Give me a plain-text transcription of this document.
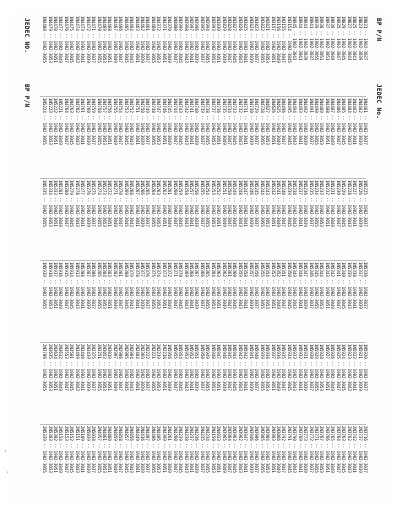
BP P/N
JEDEC No.
JEDEC NO.
BP P/N
1N821 -- 1902-3037
1N823 -- 1902-3039
1N825 -- 1902-3041
1N827 -- 1902-3043
1N829 -- 1902-3045
1N935 -- 1902-3047
1N936 -- 1902-3049
1N937 -- 1902-3051
1N938 -- 1902-3053
1N939 -- 1902-3055
1N941 -- 1902-3037
1N943 -- 1902-3039
1N944 -- 1902-3041
1N945 -- 1902-3043
1N3154 -- 1902-3045
1N3155 -- 1902-3047
1N3156 -- 1902-3049
1N3157 -- 1902-3051
1N3821 -- 1902-3053
1N3822 -- 1902-3055
1N3823 -- 1902-3037
1N3824 -- 1902-3039
1N3825 -- 1902-3041
1N3826 -- 1902-3043
1N3827 -- 1902-3045
1N3828 -- 1902-3047
1N3829 -- 1902-3049
1N3830 -- 1902-3051
1N3993 -- 1902-3053
1N3994 -- 1902-3055
1N3995 -- 1902-3037
1N3996 -- 1902-3039
1N3997 -- 1902-3041
1N3998 -- 1902-3043
1N3999 -- 1902-3045
1N4000 -- 1902-3047
1N4370 -- 1902-3049
1N4371 -- 1902-3051
1N4372 -- 1902-3053
1N4460 -- 1902-3055
1N4461 -- 1902-3037
1N4462 -- 1902-3039
1N4463 -- 1902-3041
1N4464 -- 1902-3043
1N4465 -- 1902-3045
1N4466 -- 1902-3047
1N4467 -- 1902-3049
1N4468 -- 1902-3051
1N4469 -- 1902-3053
1N4470 -- 1902-3055
1N4471 -- 1902-3037
1N4472 -- 1902-3039
1N4473 -- 1902-3041
1N4474 -- 1902-3043
1N4475 -- 1902-3045
1N4476 -- 1902-3047
1N4477 -- 1902-3049
1N4478 -- 1902-3051
1N4479 -- 1902-3053
1N4480 -- 1902-3055
1N4481 -- 1902-3037
1N4482 -- 1902-3039
1N4483 -- 1902-3041
1N4484 -- 1902-3043
1N4485 -- 1902-3045
1N4486 -- 1902-3047
1N4487 -- 1902-3049
1N4488 -- 1902-3051
1N4489 -- 1902-3053
1N4490 -- 1902-3055
1N4491 -- 1902-3037
1N4492 -- 1902-3039
1N4493 -- 1902-3041
1N4494 -- 1902-3043
1N4495 -- 1902-3045
1N4496 -- 1902-3047
1N4625 -- 1902-3049
1N4626 -- 1902-3051
1N4627 -- 1902-3053
1N4728 -- 1902-3055
1N4729 -- 1902-3037
1N4730 -- 1902-3039
1N4731 -- 1902-3041
1N4732 -- 1902-3043
1N4733 -- 1902-3045
1N4734 -- 1902-3047
1N4735 -- 1902-3049
1N4736 -- 1902-3051
1N4737 -- 1902-3053
1N4738 -- 1902-3055
1N4739 -- 1902-3037
1N4740 -- 1902-3039
1N4741 -- 1902-3041
1N4742 -- 1902-3043
1N4743 -- 1902-3045
1N4744 -- 1902-3047
1N4745 -- 1902-3049
1N4746 -- 1902-3051
1N4747 -- 1902-3053
1N4748 -- 1902-3055
1N4749 -- 1902-3037
1N4750 -- 1902-3039
1N4751 -- 1902-3041
1N4752 -- 1902-3043
1N4753 -- 1902-3045
1N4754 -- 1902-3047
1N4755 -- 1902-3049
1N4756 -- 1902-3051
1N4757 -- 1902-3053
1N4758 -- 1902-3055
1N4759 -- 1902-3037
1N4760 -- 1902-3039
1N4761 -- 1902-3041
1N4762 -- 1902-3043
1N4763 -- 1902-3045
1N4764 -- 1902-3047
1N5221 -- 1902-3049
1N5222 -- 1902-3051
1N5223 -- 1902-3053
1N5224 -- 1902-3055
1N5225 -- 1902-3037
1N5226 -- 1902-3039
1N5227 -- 1902-3041
1N5228 -- 1902-3043
1N5229 -- 1902-3045
1N5230 -- 1902-3047
1N5231 -- 1902-3049
1N5232 -- 1902-3051
1N5233 -- 1902-3053
1N5234 -- 1902-3055
1N5235 -- 1902-3037
1N5236 -- 1902-3039
1N5237 -- 1902-3041
1N5238 -- 1902-3043
1N5239 -- 1902-3045
1N5240 -- 1902-3047
1N5241 -- 1902-3049
1N5242 -- 1902-3051
1N5243 -- 1902-3053
1N5244 -- 1902-3055
1N5245 -- 1902-3037
1N5246 -- 1902-3039
1N5247 -- 1902-3041
1N5248 -- 1902-3043
1N5249 -- 1902-3045
1N5250 -- 1902-3047
1N5251 -- 1902-3049
1N5252 -- 1902-3051
1N5253 -- 1902-3053
1N5254 -- 1902-3055
1N5255 -- 1902-3037
1N5256 -- 1902-3039
1N5257 -- 1902-3041
1N5258 -- 1902-3043
1N5259 -- 1902-3045
1N5260 -- 1902-3047
1N5261 -- 1902-3049
1N5262 -- 1902-3051
1N5263 -- 1902-3053
1N5264 -- 1902-3055
1N5265 -- 1902-3037
1N5266 -- 1902-3039
1N5267 -- 1902-3041
1N5268 -- 1902-3043
1N5269 -- 1902-3045
1N5270 -- 1902-3047
1N5271 -- 1902-3049
1N5272 -- 1902-3051
1N5273 -- 1902-3053
1N5274 -- 1902-3055
1N5275 -- 1902-3037
1N5276 -- 1902-3039
1N5277 -- 1902-3041
1N5278 -- 1902-3043
1N5279 -- 1902-3045
1N5280 -- 1902-3047
1N5281 -- 1902-3049
1N5333 -- 1902-3051
1N5334 -- 1902-3053
1N5335 -- 1902-3055
1N5336 -- 1902-3037
1N5337 -- 1902-3039
1N5338 -- 1902-3041
1N5339 -- 1902-3043
1N5340 -- 1902-3045
1N5341 -- 1902-3047
1N5342 -- 1902-3049
1N5343 -- 1902-3051
1N5344 -- 1902-3053
1N5345 -- 1902-3055
1N5346 -- 1902-3037
1N5347 -- 1902-3039
1N5348 -- 1902-3041
1N5349 -- 1902-3043
1N5350 -- 1902-3045
1N5351 -- 1902-3047
1N5352 -- 1902-3049
1N5353 -- 1902-3051
1N5354 -- 1902-3053
1N5355 -- 1902-3055
1N5356 -- 1902-3037
1N5357 -- 1902-3039
1N5358 -- 1902-3041
1N5359 -- 1902-3043
1N5360 -- 1902-3045
1N5361 -- 1902-3047
1N5362 -- 1902-3049
1N5363 -- 1902-3051
1N5364 -- 1902-3053
1N5365 -- 1902-3055
1N5366 -- 1902-3037
1N5367 -- 1902-3039
1N5368 -- 1902-3041
1N5369 -- 1902-3043
1N5370 -- 1902-3045
1N5371 -- 1902-3047
1N5372 -- 1902-3049
1N5373 -- 1902-3051
1N5374 -- 1902-3053
1N5375 -- 1902-3055
1N5376 -- 1902-3037
1N5377 -- 1902-3039
1N5378 -- 1902-3041
1N5379 -- 1902-3043
1N5380 -- 1902-3045
1N5381 -- 1902-3047
1N5382 -- 1902-3049
1N5383 -- 1902-3051
1N5384 -- 1902-3053
1N5385 -- 1902-3055
1N5386 -- 1902-3037
1N5387 -- 1902-3039
1N5388 -- 1902-3041
1N5913 -- 1902-3043
1N5914 -- 1902-3045
1N5915 -- 1902-3047
1N5916 -- 1902-3049
1N5917 -- 1902-3051
1N5918 -- 1902-3053
1N5919 -- 1902-3055
1N5920 -- 1902-3037
1N5921 -- 1902-3039
1N5922 -- 1902-3041
1N5923 -- 1902-3043
1N5924 -- 1902-3045
1N5925 -- 1902-3047
1N5926 -- 1902-3049
1N5927 -- 1902-3051
1N5928 -- 1902-3053
1N5929 -- 1902-3055
1N5930 -- 1902-3037
1N5931 -- 1902-3039
1N5932 -- 1902-3041
1N5933 -- 1902-3043
1N5934 -- 1902-3045
1N5935 -- 1902-3047
1N5936 -- 1902-3049
1N5937 -- 1902-3051
1N5938 -- 1902-3053
1N5939 -- 1902-3055
1N5940 -- 1902-3037
1N5941 -- 1902-3039
1N5942 -- 1902-3041
1N5943 -- 1902-3043
1N5944 -- 1902-3045
1N5945 -- 1902-3047
1N5946 -- 1902-3049
1N5947 -- 1902-3051
1N5948 -- 1902-3053
1N5949 -- 1902-3055
1N5950 -- 1902-3037
1N5951 -- 1902-3039
1N5952 -- 1902-3041
1N5953 -- 1902-3043
1N5954 -- 1902-3045
1N5955 -- 1902-3047
1N5956 -- 1902-3049
2N2218 -- 1902-3051
2N2219 -- 1902-3053
2N2221 -- 1902-3055
2N2222 -- 1902-3037
2N2369 -- 1902-3039
2N2484 -- 1902-3041
2N2904 -- 1902-3043
2N2905 -- 1902-3045
2N2906 -- 1902-3047
2N2907 -- 1902-3049
2N3019 -- 1902-3051
2N3053 -- 1902-3053
2N3251 -- 1902-3055
2N3375 -- 1902-3037
2N3439 -- 1902-3039
2N3440 -- 1902-3041
2N3499 -- 1902-3043
2N3501 -- 1902-3045
2N3553 -- 1902-3047
2N3632 -- 1902-3049
2N3634 -- 1902-3051
2N3635 -- 1902-3053
2N3700 -- 1902-3055
2N3716 -- 1902-3037
2N3737 -- 1902-3039
2N3742 -- 1902-3041
2N3762 -- 1902-3043
2N3763 -- 1902-3045
2N3764 -- 1902-3047
2N3765 -- 1902-3049
2N3766 -- 1902-3051
2N3767 -- 1902-3053
2N3771 -- 1902-3055
2N3772 -- 1902-3037
2N3773 -- 1902-3039
2N3789 -- 1902-3041
2N3790 -- 1902-3043
2N3791 -- 1902-3045
2N3792 -- 1902-3047
2N3866 -- 1902-3049
2N3903 -- 1902-3051
2N3904 -- 1902-3053
2N3905 -- 1902-3055
2N3906 -- 1902-3037
2N3946 -- 1902-3039
2N3947 -- 1902-3041
2N3962 -- 1902-3043
2N3963 -- 1902-3045
2N3964 -- 1902-3047
2N3965 -- 1902-3049
2N4033 -- 1902-3051
2N4150 -- 1902-3053
2N4234 -- 1902-3055
2N4235 -- 1902-3037
2N4236 -- 1902-3039
2N4237 -- 1902-3041
2N4238 -- 1902-3043
2N4239 -- 1902-3045
2N4260 -- 1902-3047
2N4261 -- 1902-3049
2N4399 -- 1902-3051
2N4405 -- 1902-3053
2N4406 -- 1902-3055
2N4407 -- 1902-3037
2N4416 -- 1902-3039
2N4449 -- 1902-3041
2N4856 -- 1902-3043
2N4857 -- 1902-3045
2N4858 -- 1902-3047
2N4859 -- 1902-3049
2N4860 -- 1902-3051
2N4861 -- 1902-3053
2N4957 -- 1902-3055
2N5038 -- 1902-3037
2N5039 -- 1902-3039
2N5109 -- 1902-3041
2N5151 -- 1902-3043
2N5152 -- 1902-3045
2N5153 -- 1902-3047
2N5154 -- 1902-3049
2N5302 -- 1902-3051
2N5303 -- 1902-3053
2N5339 -- 1902-3055
'
·
